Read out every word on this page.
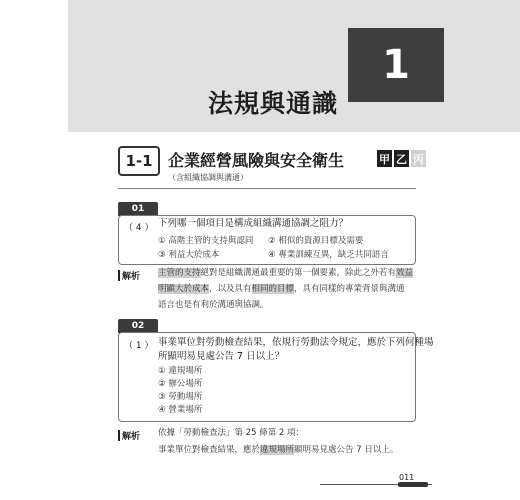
1
法規與通識
1-1 企業經營風險與安全衛生
（含組織協調與溝通）
甲 乙 丙
01
（ 4 ） 下列哪一個項目是構成組織溝通協調之阻力？
① 高階主管的支持與認同 ② 相似的資源目標及需要
③ 利益大於成本	④ 專業訓練互異，缺乏共同語言
解析 主管的支持絕對是組織溝通最重要的第一個要素，除此之外若有效益
明顯大於成本，以及具有相同的目標，具有同樣的專業背景與溝通
語言也是有利於溝通與協調。
02
（ 1 ） 事業單位對勞動檢查結果，依規行勞動法令規定，應於下列何種場
所顯明易見處公告 7 日以上？
① 違規場所
② 辦公場所
③ 勞動場所
④ 營業場所
解析 依據「勞動檢查法」第 25 條第 2 項：
事業單位對檢查結果，應於違規場所顯明易見處公告 7 日以上。
011
